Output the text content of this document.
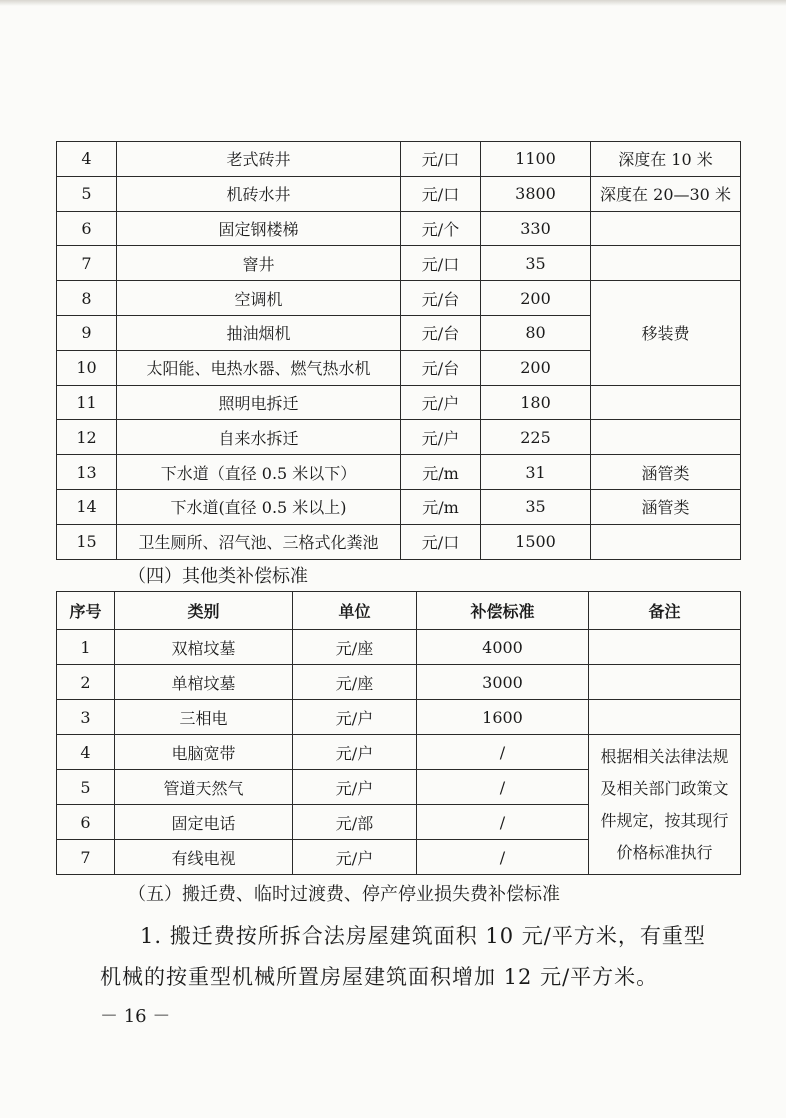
4	老式砖井	元/口	1100	深度在 10 米
5	机砖水井	元/口	3800	深度在 20—30 米
6	固定钢楼梯	元/个	330	
7	窨井	元/口	35	
8	空调机	元/台	200	移装费
9	抽油烟机	元/台	80	
10	太阳能、电热水器、燃气热水机	元/台	200	
11	照明电拆迁	元/户	180	
12	自来水拆迁	元/户	225	
13	下水道（直径 0.5 米以下）	元/m	31	涵管类
14	下水道(直径 0.5 米以上)	元/m	35	涵管类
15	卫生厕所、沼气池、三格式化粪池	元/口	1500	
（四）其他类补偿标准
序号	类别	单位	补偿标准	备注
1	双棺坟墓	元/座	4000	
2	单棺坟墓	元/座	3000	
3	三相电	元/户	1600	
4	电脑宽带	元/户	/	根据相关法律法规及相关部门政策文件规定，按其现行价格标准执行
5	管道天然气	元/户	/	
6	固定电话	元/部	/	
7	有线电视	元/户	/	
（五）搬迁费、临时过渡费、停产停业损失费补偿标准
1. 搬迁费按所拆合法房屋建筑面积 10 元/平方米，有重型
机械的按重型机械所置房屋建筑面积增加 12 元/平方米。
－ 16 －
